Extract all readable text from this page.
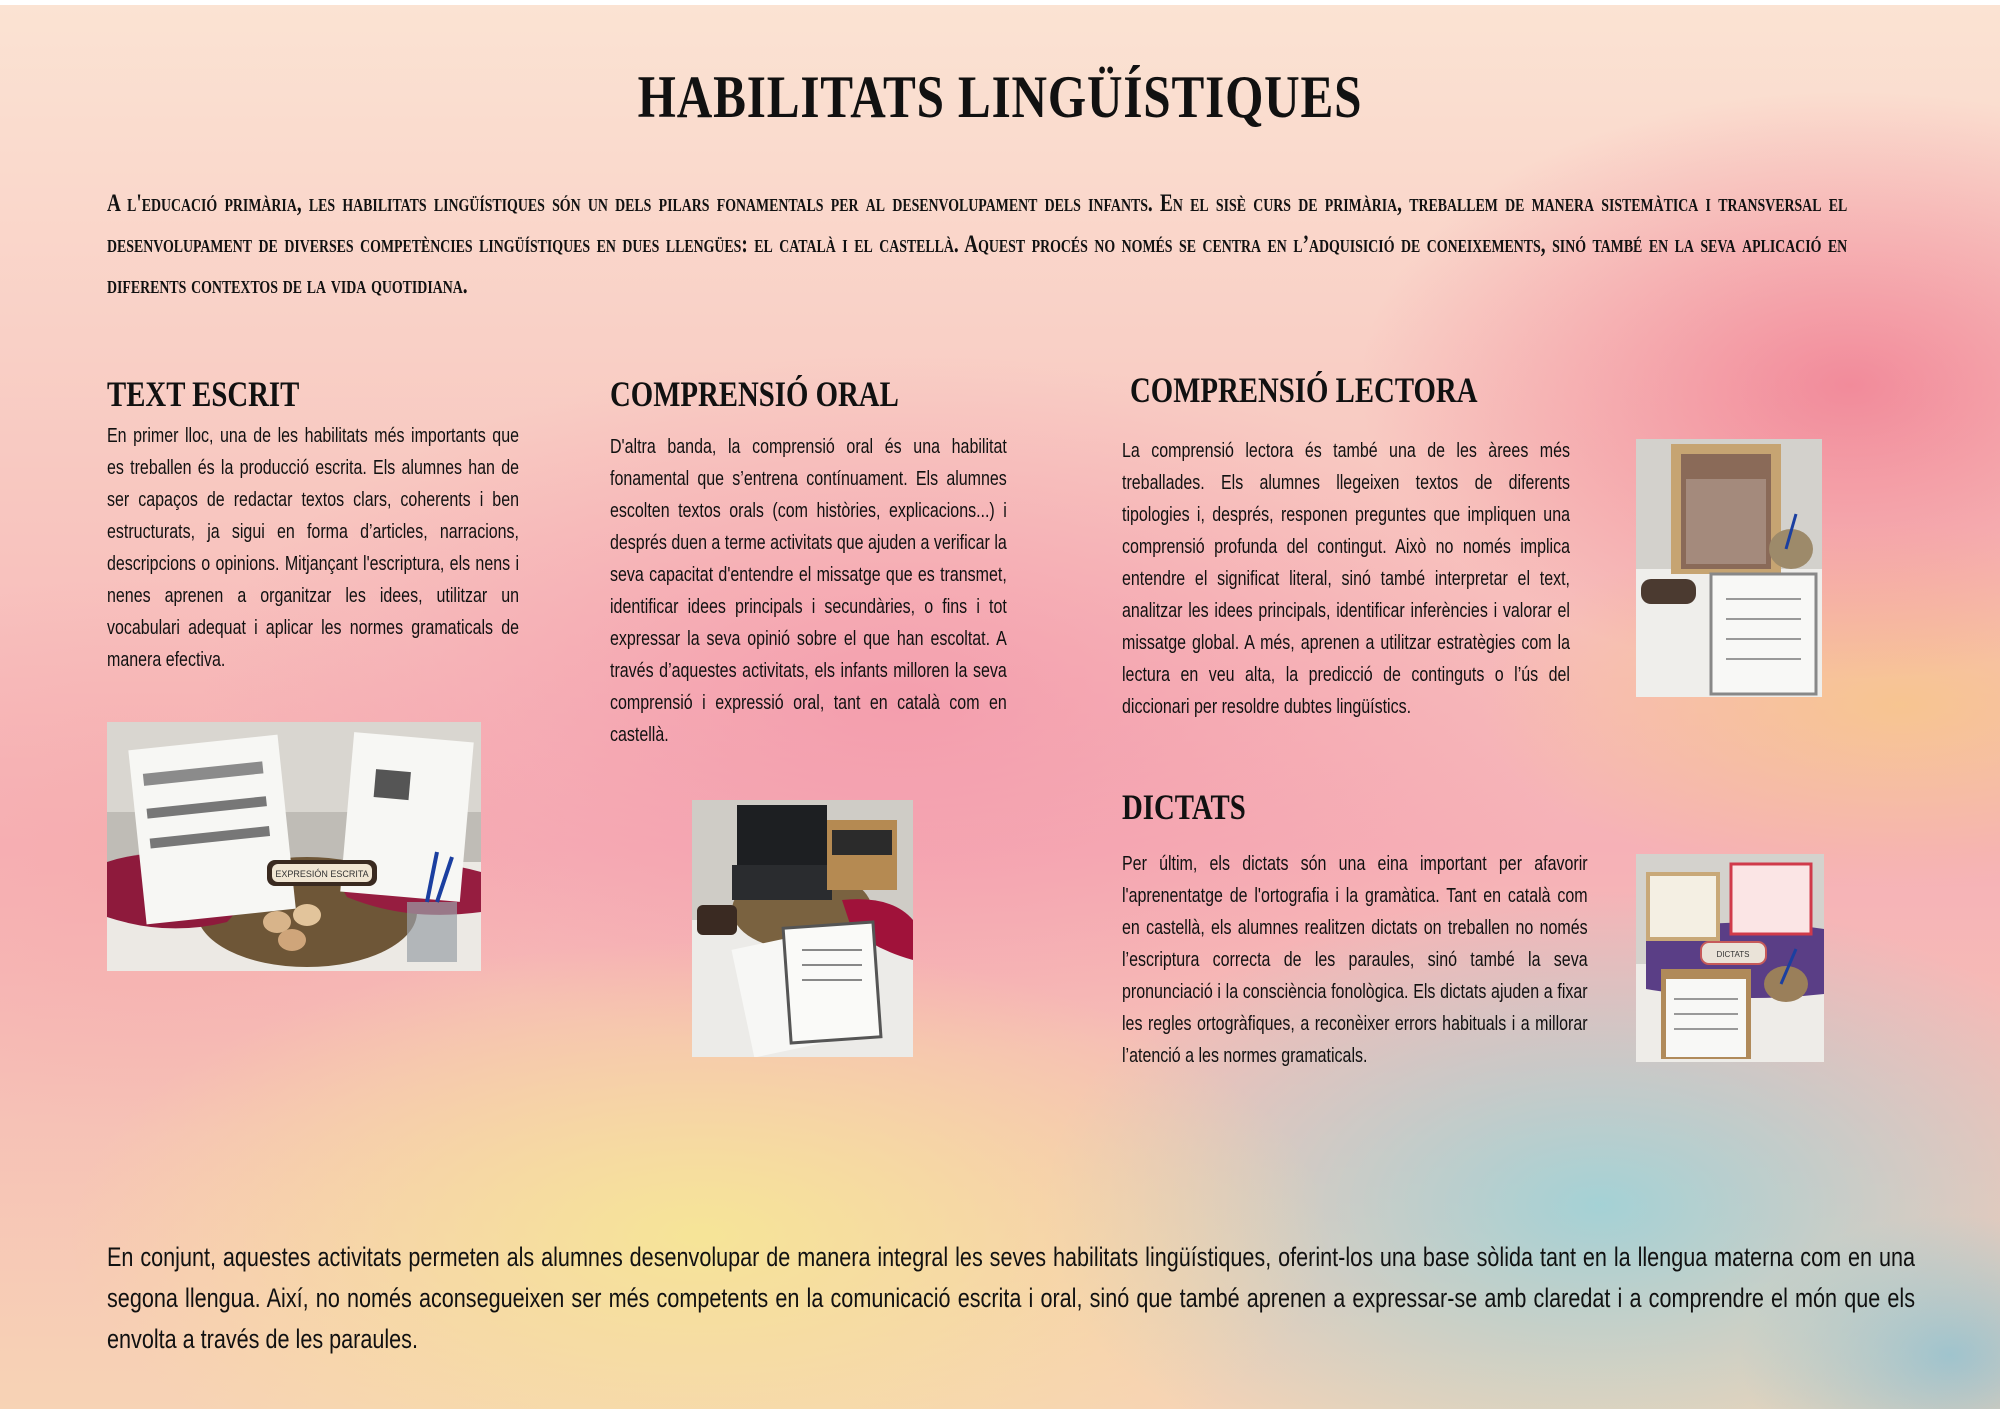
HABILITATS LINGÜÍSTIQUES
A l'educació primària, les habilitats lingüístiques són un dels pilars fonamentals per al desenvolupament dels infants. En el sisè curs de primària, treballem de manera sistemàtica i transversal el desenvolupament de diverses competències lingüístiques en dues llengües: el català i el castellà. Aquest procés no només se centra en l’adquisició de coneixements, sinó també en la seva aplicació en diferents contextos de la vida quotidiana.
TEXT ESCRIT
En primer lloc, una de les habilitats més importants que es treballen és la producció escrita. Els alumnes han de ser capaços de redactar textos clars, coherents i ben estructurats, ja sigui en forma d’articles, narracions, descripcions o opinions. Mitjançant l'escriptura, els nens i nenes aprenen a organitzar les idees, utilitzar un vocabulari adequat i aplicar les normes gramaticals de manera efectiva.
EXPRESIÓN ESCRITA
COMPRENSIÓ ORAL
D'altra banda, la comprensió oral és una habilitat fonamental que s’entrena contínuament. Els alumnes escolten textos orals (com històries, explicacions...) i després duen a terme activitats que ajuden a verificar la seva capacitat d'entendre el missatge que es transmet, identificar idees principals i secundàries, o fins i tot expressar la seva opinió sobre el que han escoltat. A través d’aquestes activitats, els infants milloren la seva comprensió i expressió oral, tant en català com en castellà.
COMPRENSIÓ LECTORA
La comprensió lectora és també una de les àrees més treballades. Els alumnes llegeixen textos de diferents tipologies i, després, responen preguntes que impliquen una comprensió profunda del contingut. Això no només implica entendre el significat literal, sinó també interpretar el text, analitzar les idees principals, identificar inferències i valorar el missatge global. A més, aprenen a utilitzar estratègies com la lectura en veu alta, la predicció de continguts o l’ús del diccionari per resoldre dubtes lingüístics.
DICTATS
Per últim, els dictats són una eina important per afavorir l'aprenentatge de l'ortografia i la gramàtica. Tant en català com en castellà, els alumnes realitzen dictats on treballen no només l’escriptura correcta de les paraules, sinó també la seva pronunciació i la consciència fonològica. Els dictats ajuden a fixar les regles ortogràfiques, a reconèixer errors habituals i a millorar l’atenció a les normes gramaticals.
DICTATS
En conjunt, aquestes activitats permeten als alumnes desenvolupar de manera integral les seves habilitats lingüístiques, oferint-los una base sòlida tant en la llengua materna com en una segona llengua. Així, no només aconsegueixen ser més competents en la comunicació escrita i oral, sinó que també aprenen a expressar-se amb claredat i a comprendre el món que els envolta a través de les paraules.
